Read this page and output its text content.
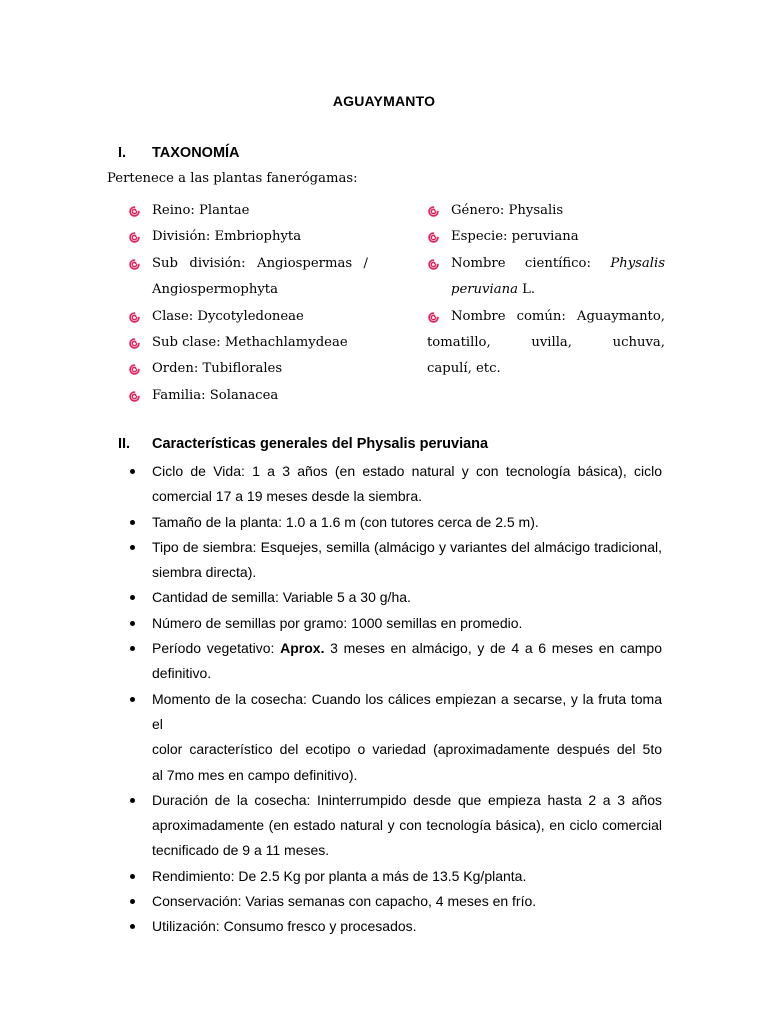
AGUAYMANTO
I. TAXONOMÍA
Pertenece a las plantas fanerógamas:
Reino: Plantae
División: Embriophyta
Sub división: Angiospermas /
Angiospermophyta
Clase: Dycotyledoneae
Sub clase: Methachlamydeae
Orden: Tubiflorales
Familia: Solanacea
Género: Physalis
Especie: peruviana
Nombre científico: Physalis
peruviana L.
Nombre común: Aguaymanto,
tomatillo, uvilla, uchuva,
capulí, etc.
II. Características generales del Physalis peruviana
Ciclo de Vida: 1 a 3 años (en estado natural y con tecnología básica), ciclo
comercial 17 a 19 meses desde la siembra.
Tamaño de la planta: 1.0 a 1.6 m (con tutores cerca de 2.5 m).
Tipo de siembra: Esquejes, semilla (almácigo y variantes del almácigo tradicional,
siembra directa).
Cantidad de semilla: Variable 5 a 30 g/ha.
Número de semillas por gramo: 1000 semillas en promedio.
Período vegetativo: Aprox. 3 meses en almácigo, y de 4 a 6 meses en campo
definitivo.
Momento de la cosecha: Cuando los cálices empiezan a secarse, y la fruta toma el
color característico del ecotipo o variedad (aproximadamente después del 5to
al 7mo mes en campo definitivo).
Duración de la cosecha: Ininterrumpido desde que empieza hasta 2 a 3 años
aproximadamente (en estado natural y con tecnología básica), en ciclo comercial
tecnificado de 9 a 11 meses.
Rendimiento: De 2.5 Kg por planta a más de 13.5 Kg/planta.
Conservación: Varias semanas con capacho, 4 meses en frío.
Utilización: Consumo fresco y procesados.
